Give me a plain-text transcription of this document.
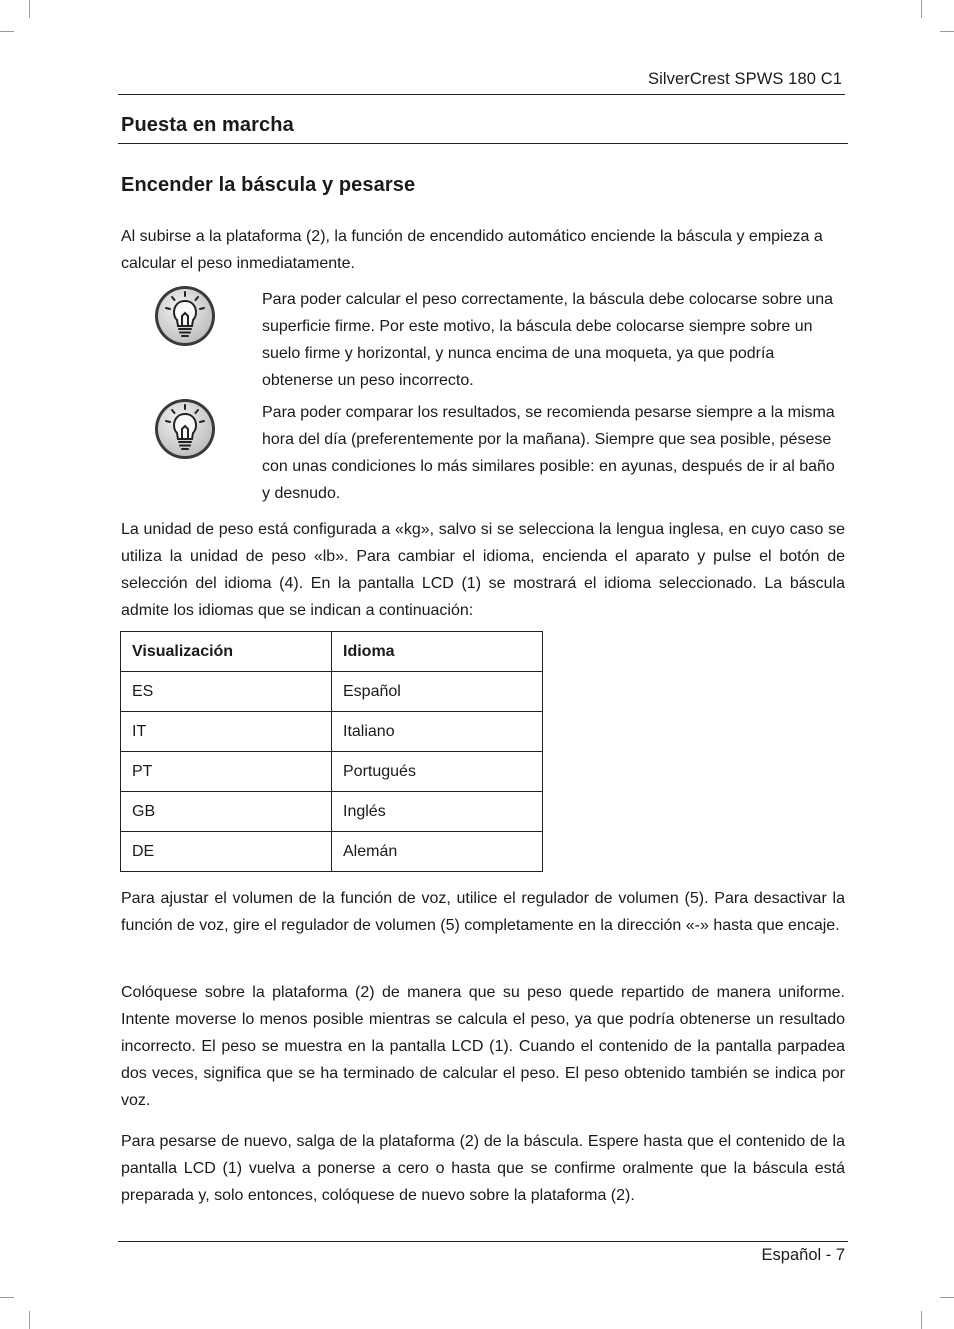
SilverCrest SPWS 180 C1
Puesta en marcha
Encender la báscula y pesarse

Al subirse a la plataforma (2), la función de encendido automático enciende la báscula y empieza a calcular el peso inmediatamente.

Para poder calcular el peso correctamente, la báscula debe colocarse sobre una superficie firme. Por este motivo, la báscula debe colocarse siempre sobre un suelo firme y horizontal, y nunca encima de una moqueta, ya que podría obtenerse un peso incorrecto.

Para poder comparar los resultados, se recomienda pesarse siempre a la misma hora del día (preferentemente por la mañana). Siempre que sea posible, pésese con unas condiciones lo más similares posible: en ayunas, después de ir al baño y desnudo.

La unidad de peso está configurada a «kg», salvo si se selecciona la lengua inglesa, en cuyo caso se utiliza la unidad de peso «lb». Para cambiar el idioma, encienda el aparato y pulse el botón de selección del idioma (4). En la pantalla LCD (1) se mostrará el idioma seleccionado. La báscula admite los idiomas que se indican a continuación:

Visualización	Idioma
ES	Español
IT	Italiano
PT	Portugués
GB	Inglés
DE	Alemán

Para ajustar el volumen de la función de voz, utilice el regulador de volumen (5). Para desactivar la función de voz, gire el regulador de volumen (5) completamente en la dirección «-» hasta que encaje.

Colóquese sobre la plataforma (2) de manera que su peso quede repartido de manera uniforme. Intente moverse lo menos posible mientras se calcula el peso, ya que podría obtenerse un resultado incorrecto. El peso se muestra en la pantalla LCD (1). Cuando el contenido de la pantalla parpadea dos veces, significa que se ha terminado de calcular el peso. El peso obtenido también se indica por voz.

Para pesarse de nuevo, salga de la plataforma (2) de la báscula. Espere hasta que el contenido de la pantalla LCD (1) vuelva a ponerse a cero o hasta que se confirme oralmente que la báscula está preparada y, solo entonces, colóquese de nuevo sobre la plataforma (2).

Español - 7
